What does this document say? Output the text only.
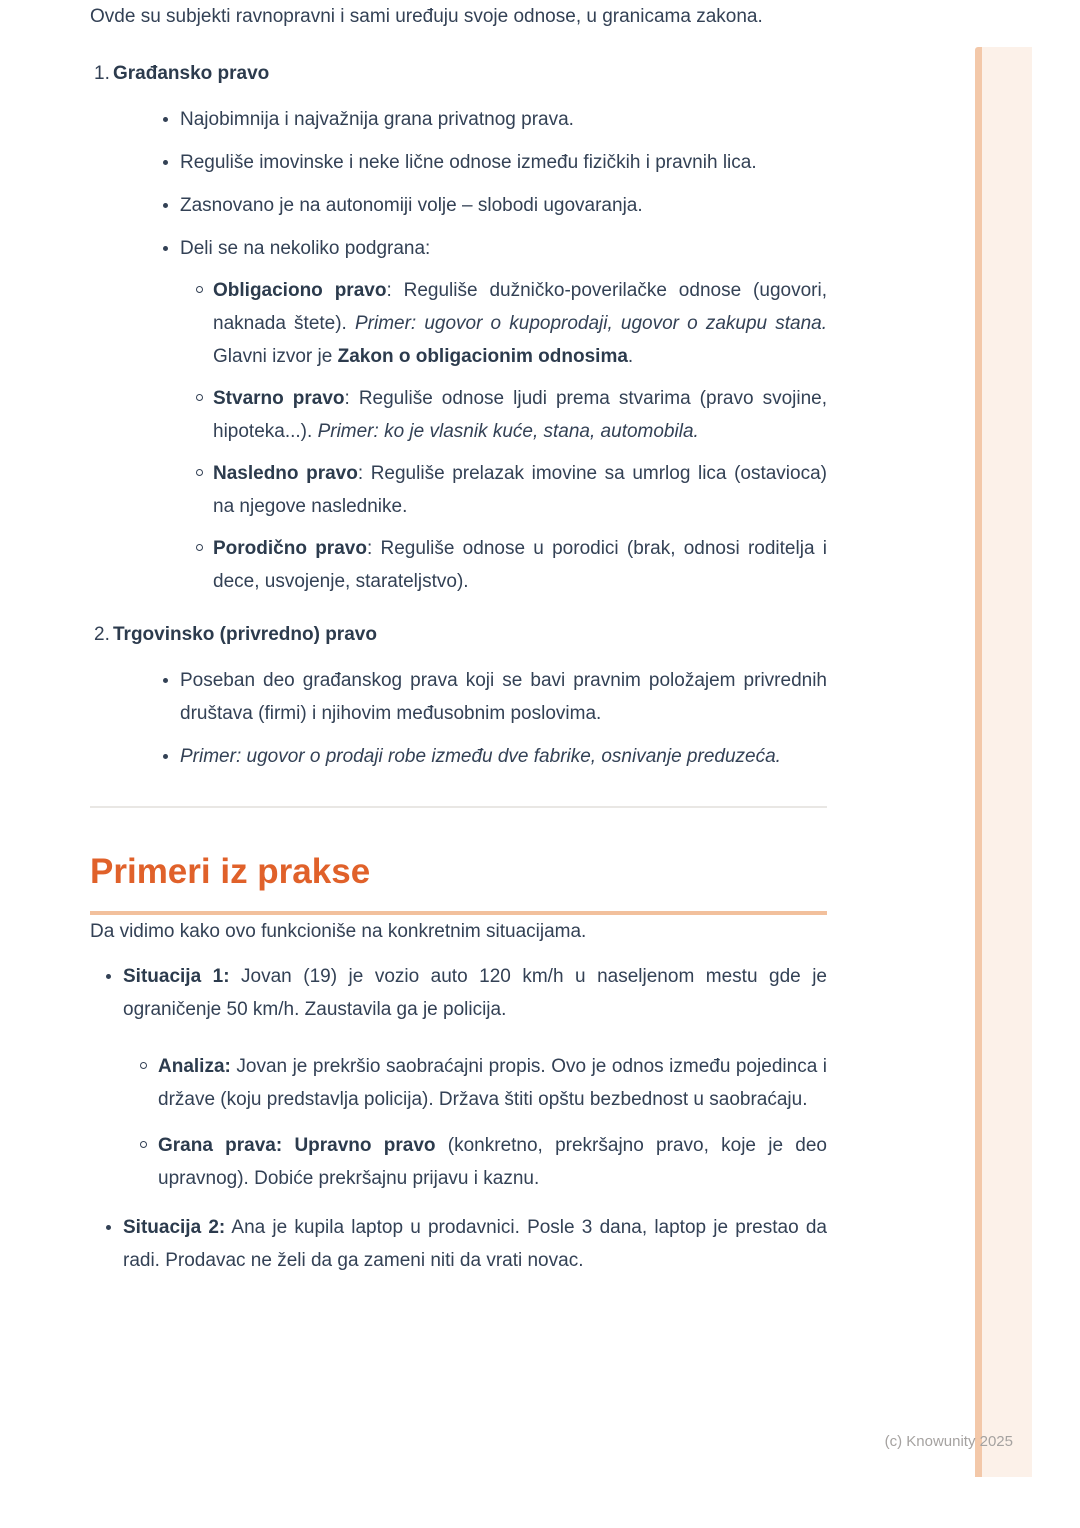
Ovde su subjekti ravnopravni i sami uređuju svoje odnose, u granicama zakona.

1. Građansko pravo

Najobimnija i najvažnija grana privatnog prava.

Reguliše imovinske i neke lične odnose između fizičkih i pravnih lica.

Zasnovano je na autonomiji volje – slobodi ugovaranja.

Deli se na nekoliko podgrana:

Obligaciono pravo: Reguliše dužničko-poverilačke odnose (ugovori, naknada štete). Primer: ugovor o kupoprodaji, ugovor o zakupu stana. Glavni izvor je Zakon o obligacionim odnosima.

Stvarno pravo: Reguliše odnose ljudi prema stvarima (pravo svojine, hipoteka...). Primer: ko je vlasnik kuće, stana, automobila.

Nasledno pravo: Reguliše prelazak imovine sa umrlog lica (ostavioca) na njegove naslednike.

Porodično pravo: Reguliše odnose u porodici (brak, odnosi roditelja i dece, usvojenje, starateljstvo).

2. Trgovinsko (privredno) pravo

Poseban deo građanskog prava koji se bavi pravnim položajem privrednih društava (firmi) i njihovim međusobnim poslovima.

Primer: ugovor o prodaji robe između dve fabrike, osnivanje preduzeća.

Primeri iz prakse

Da vidimo kako ovo funkcioniše na konkretnim situacijama.

Situacija 1: Jovan (19) je vozio auto 120 km/h u naseljenom mestu gde je ograničenje 50 km/h. Zaustavila ga je policija.

Analiza: Jovan je prekršio saobraćajni propis. Ovo je odnos između pojedinca i države (koju predstavlja policija). Država štiti opštu bezbednost u saobraćaju.

Grana prava: Upravno pravo (konkretno, prekršajno pravo, koje je deo upravnog). Dobiće prekršajnu prijavu i kaznu.

Situacija 2: Ana je kupila laptop u prodavnici. Posle 3 dana, laptop je prestao da radi. Prodavac ne želi da ga zameni niti da vrati novac.

(c) Knowunity 2025
